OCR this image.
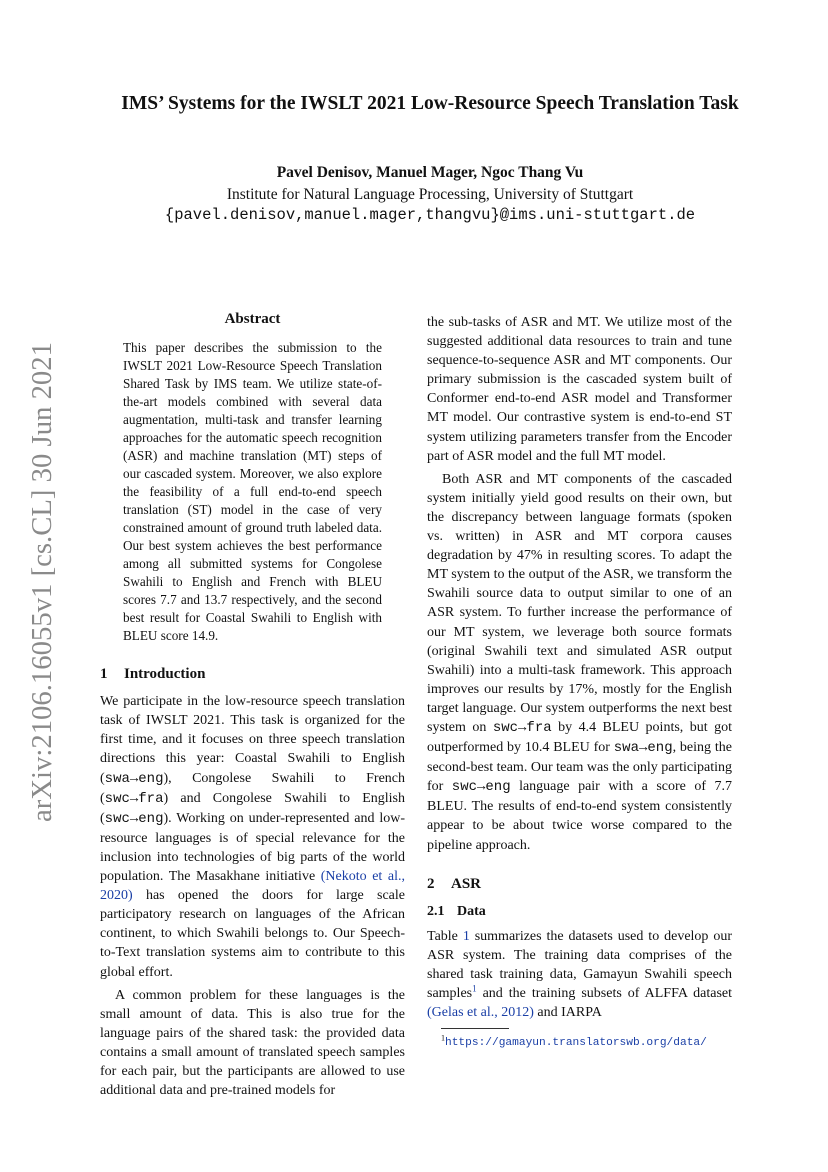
arXiv:2106.16055v1 [cs.CL] 30 Jun 2021
IMS’ Systems for the IWSLT 2021 Low-Resource Speech Translation Task
Pavel Denisov, Manuel Mager, Ngoc Thang Vu
Institute for Natural Language Processing, University of Stuttgart
{pavel.denisov,manuel.mager,thangvu}@ims.uni-stuttgart.de
Abstract

This paper describes the submission to the IWSLT 2021 Low-Resource Speech Translation Shared Task by IMS team. We utilize state-of-the-art models combined with several data augmentation, multi-task and transfer learning approaches for the automatic speech recognition (ASR) and machine translation (MT) steps of our cascaded system. Moreover, we also explore the feasibility of a full end-to-end speech translation (ST) model in the case of very constrained amount of ground truth labeled data. Our best system achieves the best performance among all submitted systems for Congolese Swahili to English and French with BLEU scores 7.7 and 13.7 respectively, and the second best result for Coastal Swahili to English with BLEU score 14.9.

1 Introduction

We participate in the low-resource speech translation task of IWSLT 2021. This task is organized for the first time, and it focuses on three speech translation directions this year: Coastal Swahili to English (swa→eng), Congolese Swahili to French (swc→fra) and Congolese Swahili to English (swc→eng). Working on under-represented and low-resource languages is of special relevance for the inclusion into technologies of big parts of the world population. The Masakhane initiative (Nekoto et al., 2020) has opened the doors for large scale participatory research on languages of the African continent, to which Swahili belongs to. Our Speech-to-Text translation systems aim to contribute to this global effort.

A common problem for these languages is the small amount of data. This is also true for the language pairs of the shared task: the provided data contains a small amount of translated speech samples for each pair, but the participants are allowed to use additional data and pre-trained models for

the sub-tasks of ASR and MT. We utilize most of the suggested additional data resources to train and tune sequence-to-sequence ASR and MT components. Our primary submission is the cascaded system built of Conformer end-to-end ASR model and Transformer MT model. Our contrastive system is end-to-end ST system utilizing parameters transfer from the Encoder part of ASR model and the full MT model.

Both ASR and MT components of the cascaded system initially yield good results on their own, but the discrepancy between language formats (spoken vs. written) in ASR and MT corpora causes degradation by 47% in resulting scores. To adapt the MT system to the output of the ASR, we transform the Swahili source data to output similar to one of an ASR system. To further increase the performance of our MT system, we leverage both source formats (original Swahili text and simulated ASR output Swahili) into a multi-task framework. This approach improves our results by 17%, mostly for the English target language. Our system outperforms the next best system on swc→fra by 4.4 BLEU points, but got outperformed by 10.4 BLEU for swa→eng, being the second-best team. Our team was the only participating for swc→eng language pair with a score of 7.7 BLEU. The results of end-to-end system consistently appear to be about twice worse compared to the pipeline approach.

2 ASR
2.1 Data

Table 1 summarizes the datasets used to develop our ASR system. The training data comprises of the shared task training data, Gamayun Swahili speech samples$^1$ and the training subsets of ALFFA dataset (Gelas et al., 2012) and IARPA

$^1$https://gamayun.translatorswb.org/data/
